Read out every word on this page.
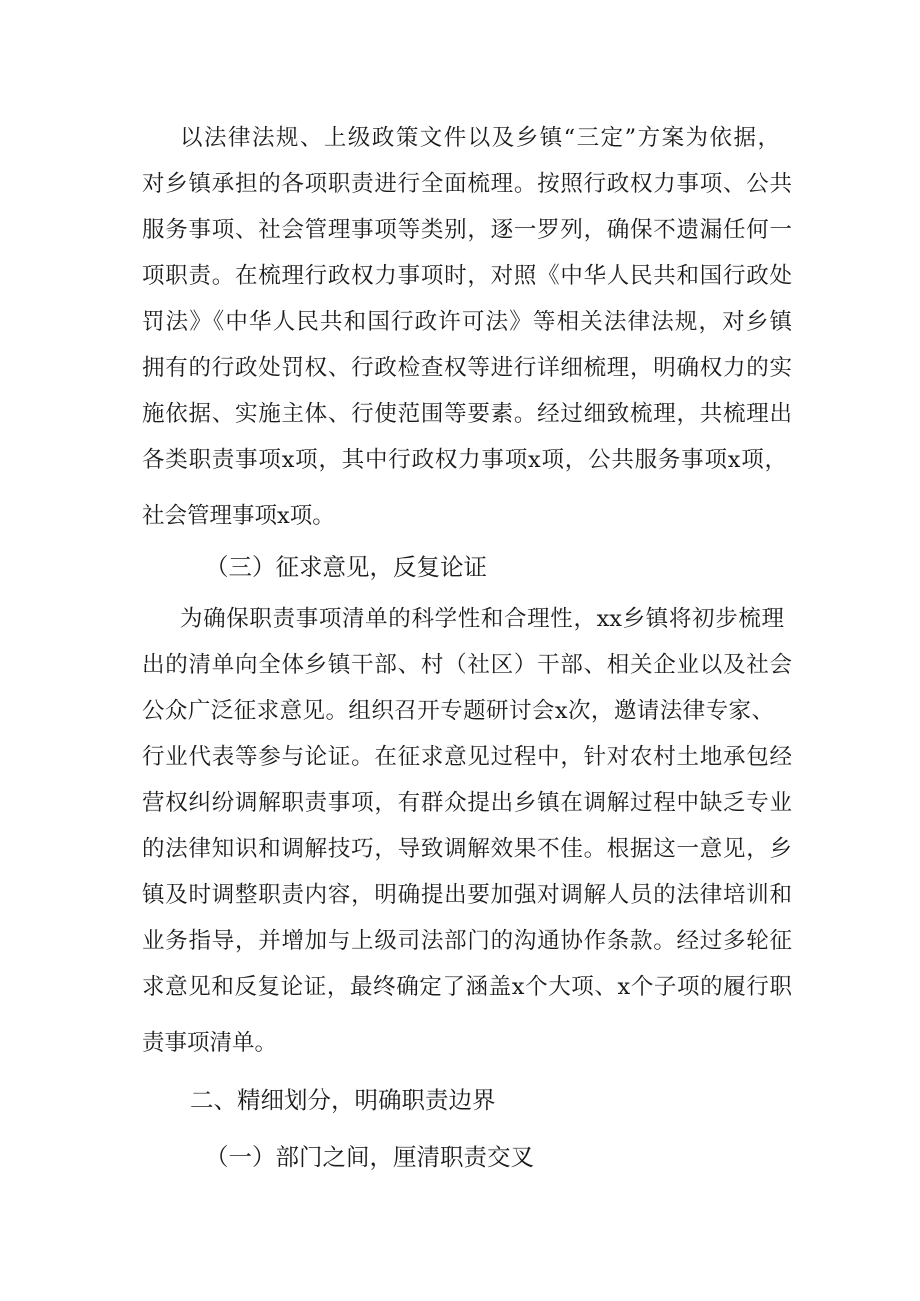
以法律法规、上级政策文件以及乡镇“三定”方案为依据，
对乡镇承担的各项职责进行全面梳理。按照行政权力事项、公共
服务事项、社会管理事项等类别，逐一罗列，确保不遗漏任何一
项职责。在梳理行政权力事项时，对照《中华人民共和国行政处
罚法》《中华人民共和国行政许可法》等相关法律法规，对乡镇
拥有的行政处罚权、行政检查权等进行详细梳理，明确权力的实
施依据、实施主体、行使范围等要素。经过细致梳理，共梳理出
各类职责事项x项，其中行政权力事项x项，公共服务事项x项，
社会管理事项x项。
（三）征求意见，反复论证
为确保职责事项清单的科学性和合理性，xx乡镇将初步梳理
出的清单向全体乡镇干部、村（社区）干部、相关企业以及社会
公众广泛征求意见。组织召开专题研讨会x次，邀请法律专家、
行业代表等参与论证。在征求意见过程中，针对农村土地承包经
营权纠纷调解职责事项，有群众提出乡镇在调解过程中缺乏专业
的法律知识和调解技巧，导致调解效果不佳。根据这一意见，乡
镇及时调整职责内容，明确提出要加强对调解人员的法律培训和
业务指导，并增加与上级司法部门的沟通协作条款。经过多轮征
求意见和反复论证，最终确定了涵盖x个大项、x个子项的履行职
责事项清单。
二、精细划分，明确职责边界
（一）部门之间，厘清职责交叉
